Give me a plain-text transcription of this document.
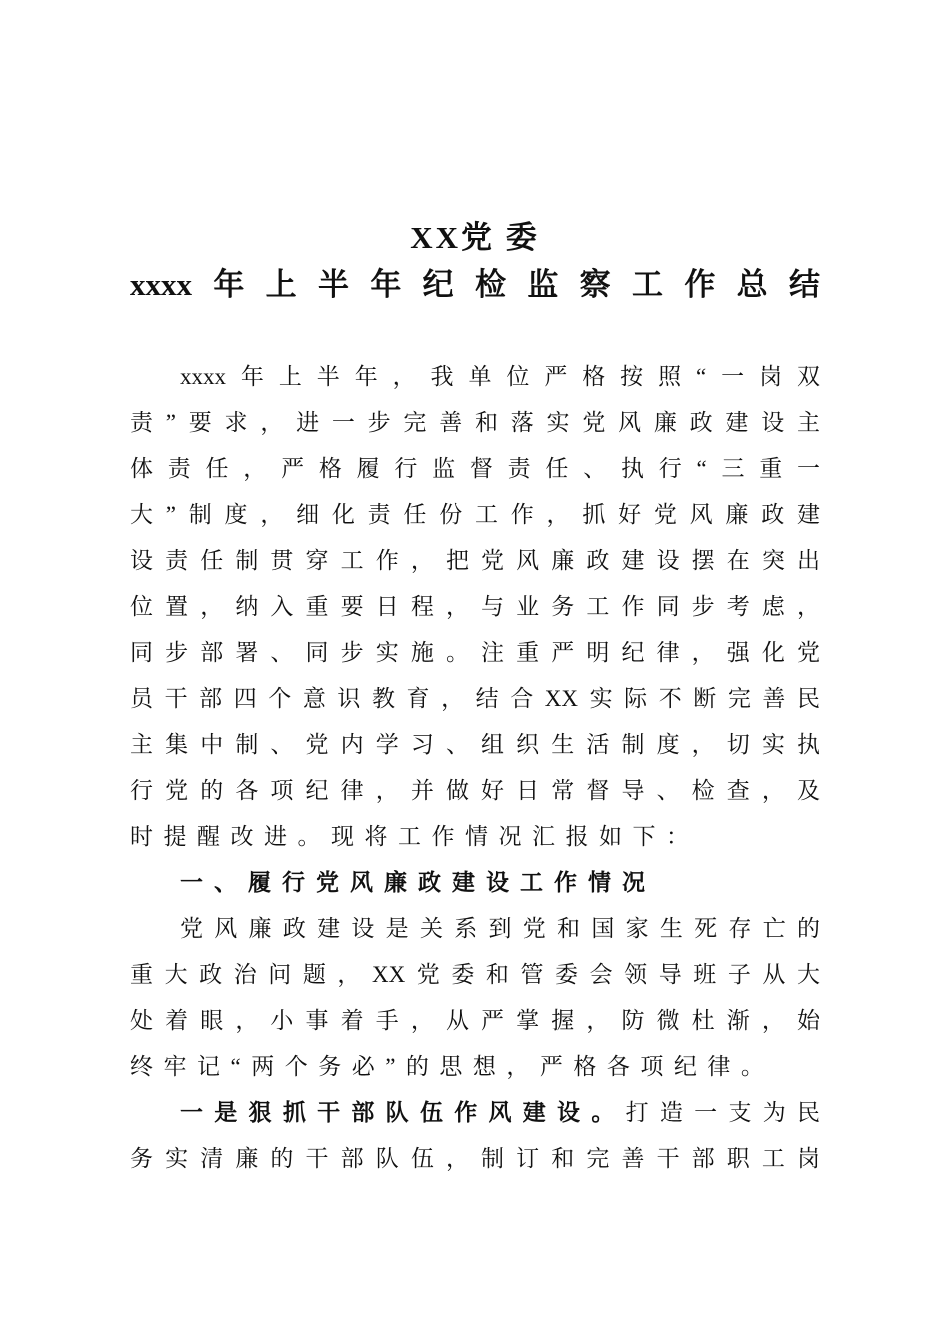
XX党 委
xxxx年上半年纪检监察工作总结
xxxx年上半年，我单位严格按照“一岗双
责”要求，进一步完善和落实党风廉政建设主
体责任，严格履行监督责任、执行“三重一
大”制度，细化责任份工作，抓好党风廉政建
设责任制贯穿工作，把党风廉政建设摆在突出
位置，纳入重要日程，与业务工作同步考虑，
同步部署、同步实施。注重严明纪律，强化党
员干部四个意识教育，结合XX实际不断完善民
主集中制、党内学习、组织生活制度，切实执
行党的各项纪律，并做好日常督导、检查，及
时提醒改进。现将工作情况汇报如下：
一、履行党风廉政建设工作情况
党风廉政建设是关系到党和国家生死存亡的
重大政治问题，XX党委和管委会领导班子从大
处着眼，小事着手，从严掌握，防微杜渐，始
终牢记“两个务必”的思想，严格各项纪律。
一是狠抓干部队伍作风建设。打造一支为民
务实清廉的干部队伍，制订和完善干部职工岗
